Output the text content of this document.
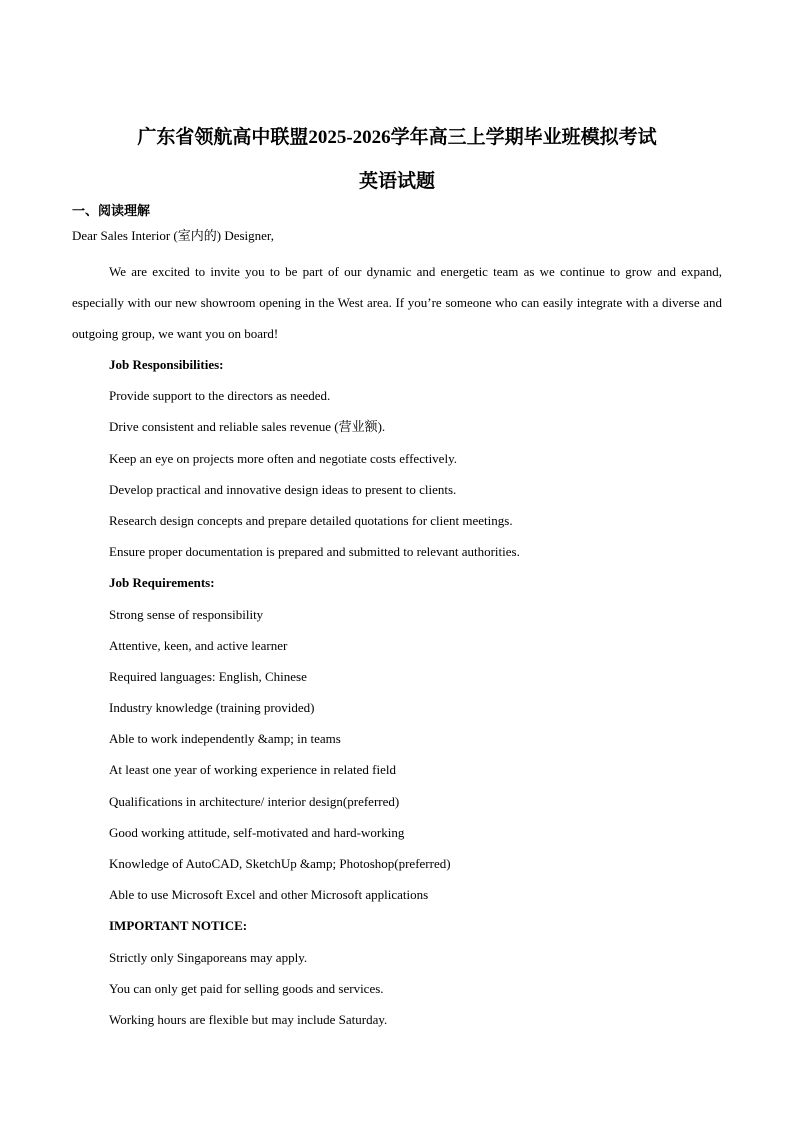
广东省领航高中联盟2025-2026学年高三上学期毕业班模拟考试
英语试题
一、阅读理解
Dear Sales Interior (室内的) Designer,

We are excited to invite you to be part of our dynamic and energetic team as we continue to grow and expand, especially with our new showroom opening in the West area. If you’re someone who can easily integrate with a diverse and outgoing group, we want you on board!

Job Responsibilities:
Provide support to the directors as needed.
Drive consistent and reliable sales revenue (营业额).
Keep an eye on projects more often and negotiate costs effectively.
Develop practical and innovative design ideas to present to clients.
Research design concepts and prepare detailed quotations for client meetings.
Ensure proper documentation is prepared and submitted to relevant authorities.
Job Requirements:
Strong sense of responsibility
Attentive, keen, and active learner
Required languages: English, Chinese
Industry knowledge (training provided)
Able to work independently &amp; in teams
At least one year of working experience in related field
Qualifications in architecture/ interior design(preferred)
Good working attitude, self-motivated and hard-working
Knowledge of AutoCAD, SketchUp &amp; Photoshop(preferred)
Able to use Microsoft Excel and other Microsoft applications
IMPORTANT NOTICE:
Strictly only Singaporeans may apply.
You can only get paid for selling goods and services.
Working hours are flexible but may include Saturday.
